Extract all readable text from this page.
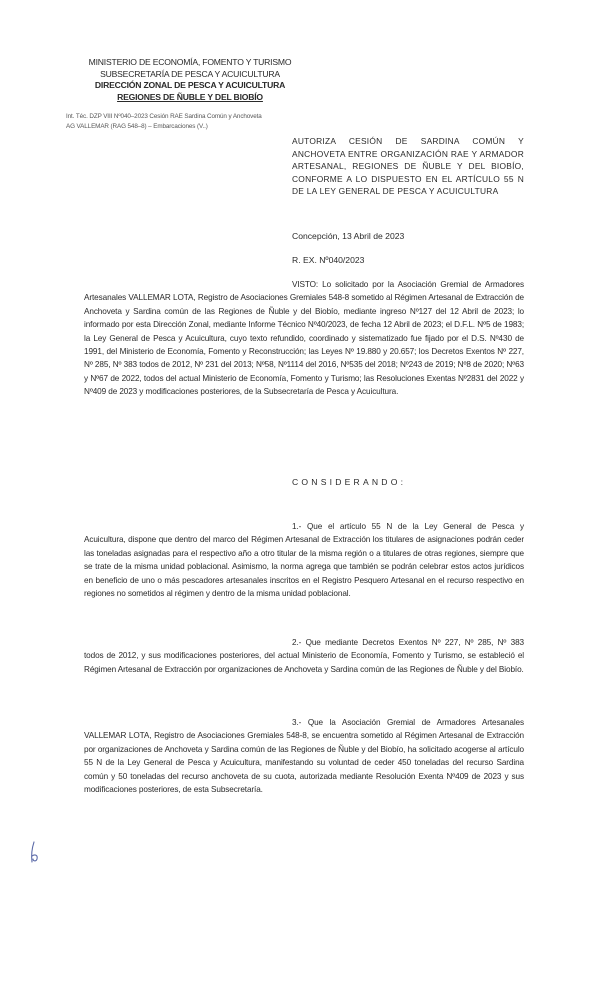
MINISTERIO DE ECONOMÍA, FOMENTO Y TURISMO
SUBSECRETARÍA DE PESCA Y ACUICULTURA
DIRECCIÓN ZONAL DE PESCA Y ACUICULTURA
REGIONES DE ÑUBLE Y DEL BIOBÍO
Int. Téc. DZP VIII Nº040–2023 Cesión RAE Sardina Común y Anchoveta
AG VALLEMAR (RAG 548–8) – Embarcaciones (V..)
AUTORIZA CESIÓN DE SARDINA COMÚN Y ANCHOVETA ENTRE ORGANIZACIÓN RAE Y ARMADOR ARTESANAL, REGIONES DE ÑUBLE Y DEL BIOBÍO, CONFORME A LO DISPUESTO EN EL ARTÍCULO 55 N DE LA LEY GENERAL DE PESCA Y ACUICULTURA
Concepción, 13 Abril de 2023
R. EX. Nº040/2023
VISTO: Lo solicitado por la Asociación Gremial de Armadores Artesanales VALLEMAR LOTA, Registro de Asociaciones Gremiales 548-8 sometido al Régimen Artesanal de Extracción de Anchoveta y Sardina común de las Regiones de Ñuble y del Biobío, mediante ingreso Nº127 del 12 Abril de 2023; lo informado por esta Dirección Zonal, mediante Informe Técnico Nº40/2023, de fecha 12 Abril de 2023; el D.F.L. Nº5 de 1983; la Ley General de Pesca y Acuicultura, cuyo texto refundido, coordinado y sistematizado fue fijado por el D.S. Nº430 de 1991, del Ministerio de Economía, Fomento y Reconstrucción; las Leyes Nº 19.880 y 20.657; los Decretos Exentos Nº 227, Nº 285, Nº 383 todos de 2012, Nº 231 del 2013; Nº58, Nº1114 del 2016, Nº535 del 2018; Nº243 de 2019; Nº8 de 2020; Nº63 y Nº67 de 2022, todos del actual Ministerio de Economía, Fomento y Turismo; las Resoluciones Exentas Nº2831 del 2022 y Nº409 de 2023 y modificaciones posteriores, de la Subsecretaría de Pesca y Acuicultura.
CONSIDERANDO:
1.- Que el artículo 55 N de la Ley General de Pesca y Acuicultura, dispone que dentro del marco del Régimen Artesanal de Extracción los titulares de asignaciones podrán ceder las toneladas asignadas para el respectivo año a otro titular de la misma región o a titulares de otras regiones, siempre que se trate de la misma unidad poblacional. Asimismo, la norma agrega que también se podrán celebrar estos actos jurídicos en beneficio de uno o más pescadores artesanales inscritos en el Registro Pesquero Artesanal en el recurso respectivo en regiones no sometidos al régimen y dentro de la misma unidad poblacional.
2.- Que mediante Decretos Exentos Nº 227, Nº 285, Nº 383 todos de 2012, y sus modificaciones posteriores, del actual Ministerio de Economía, Fomento y Turismo, se estableció el Régimen Artesanal de Extracción por organizaciones de Anchoveta y Sardina común de las Regiones de Ñuble y del Biobío.
3.- Que la Asociación Gremial de Armadores Artesanales VALLEMAR LOTA, Registro de Asociaciones Gremiales 548-8, se encuentra sometido al Régimen Artesanal de Extracción por organizaciones de Anchoveta y Sardina común de las Regiones de Ñuble y del Biobío, ha solicitado acogerse al artículo 55 N de la Ley General de Pesca y Acuicultura, manifestando su voluntad de ceder 450 toneladas del recurso Sardina común y 50 toneladas del recurso anchoveta de su cuota, autorizada mediante Resolución Exenta Nº409 de 2023 y sus modificaciones posteriores, de esta Subsecretaría.
